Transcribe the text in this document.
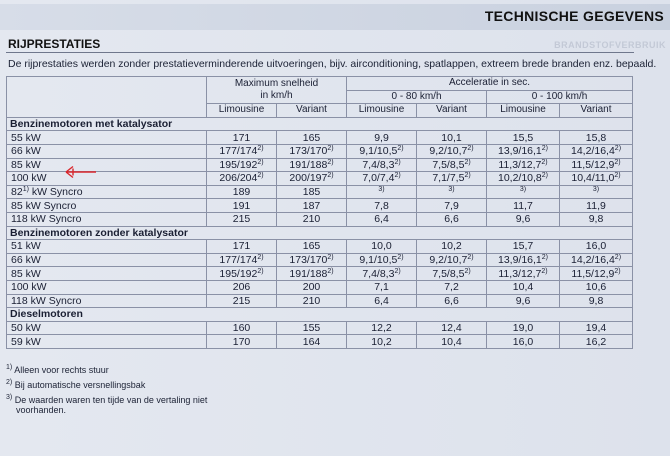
TECHNISCHE GEGEVENS
BRANDSTOFVERBRUIK
RIJPRESTATIES
De rijprestaties werden zonder prestatieverminderende uitvoeringen, bijv. airconditioning, spatlappen, extreem brede branden enz. bepaald.
	Maximum snelheid
in km/h		Acceleratie in sec.			
			0 - 80 km/h		0 - 100 km/h	
	Limousine	Variant	Limousine	Variant	Limousine	Variant
Benzinemotoren met katalysator						
55 kW	171	165	9,9	10,1	15,5	15,8
66 kW	177/174$^{2)}$	173/170$^{2)}$	9,1/10,5$^{2)}$	9,2/10,7$^{2)}$	13,9/16,1$^{2)}$	14,2/16,4$^{2)}$
85 kW	195/192$^{2)}$	191/188$^{2)}$	7,4/8,3$^{2)}$	7,5/8,5$^{2)}$	11,3/12,7$^{2)}$	11,5/12,9$^{2)}$
100 kW	206/204$^{2)}$	200/197$^{2)}$	7,0/7,4$^{2)}$	7,1/7,5$^{2)}$	10,2/10,8$^{2)}$	10,4/11,0$^{2)}$
82$^{1)}$ kW Syncro	189	185	$^{3)}$	$^{3)}$	$^{3)}$	$^{3)}$
85 kW Syncro	191	187	7,8	7,9	11,7	11,9
118 kW Syncro	215	210	6,4	6,6	9,6	9,8
Benzinemotoren zonder katalysator						
51 kW	171	165	10,0	10,2	15,7	16,0
66 kW	177/174$^{2)}$	173/170$^{2)}$	9,1/10,5$^{2)}$	9,2/10,7$^{2)}$	13,9/16,1$^{2)}$	14,2/16,4$^{2)}$
85 kW	195/192$^{2)}$	191/188$^{2)}$	7,4/8,3$^{2)}$	7,5/8,5$^{2)}$	11,3/12,7$^{2)}$	11,5/12,9$^{2)}$
100 kW	206	200	7,1	7,2	10,4	10,6
118 kW Syncro	215	210	6,4	6,6	9,6	9,8
Dieselmotoren						
50 kW	160	155	12,2	12,4	19,0	19,4
59 kW	170	164	10,2	10,4	16,0	16,2
$^{1)}$ Alleen voor rechts stuur
$^{2)}$ Bij automatische versnellingsbak
$^{3)}$ De waarden waren ten tijde van de vertaling niet
voorhanden.
